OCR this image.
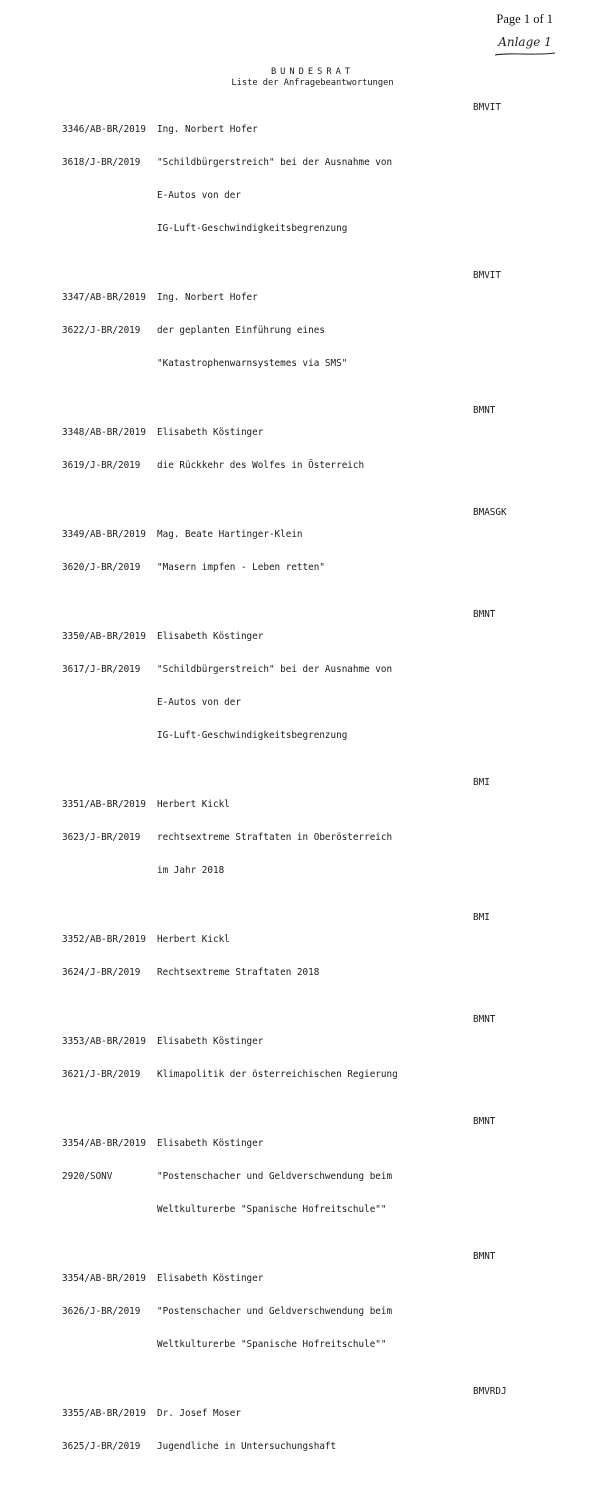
Page 1 of 1
Anlage 1
BUNDESRAT
Liste der Anfragebeantwortungen

3346/AB-BR/2019

3618/J-BR/2019

Ing. Norbert Hofer

"Schildbürgerstreich" bei der Ausnahme von

E-Autos von der

IG-Luft-Geschwindigkeitsbegrenzung

BMVIT

3347/AB-BR/2019

3622/J-BR/2019

Ing. Norbert Hofer

der geplanten Einführung eines

"Katastrophenwarnsystemes via SMS"

BMVIT

3348/AB-BR/2019

3619/J-BR/2019

Elisabeth Köstinger

die Rückkehr des Wolfes in Österreich

BMNT

3349/AB-BR/2019

3620/J-BR/2019

Mag. Beate Hartinger-Klein

"Masern impfen - Leben retten"

BMASGK

3350/AB-BR/2019

3617/J-BR/2019

Elisabeth Köstinger

"Schildbürgerstreich" bei der Ausnahme von

E-Autos von der

IG-Luft-Geschwindigkeitsbegrenzung

BMNT

3351/AB-BR/2019

3623/J-BR/2019

Herbert Kickl

rechtsextreme Straftaten in Oberösterreich

im Jahr 2018

BMI

3352/AB-BR/2019

3624/J-BR/2019

Herbert Kickl

Rechtsextreme Straftaten 2018

BMI

3353/AB-BR/2019

3621/J-BR/2019

Elisabeth Köstinger

Klimapolitik der österreichischen Regierung

BMNT

3354/AB-BR/2019

2920/SONV

Elisabeth Köstinger

"Postenschacher und Geldverschwendung beim

Weltkulturerbe "Spanische Hofreitschule""

BMNT

3354/AB-BR/2019

3626/J-BR/2019

Elisabeth Köstinger

"Postenschacher und Geldverschwendung beim

Weltkulturerbe "Spanische Hofreitschule""

BMNT

3355/AB-BR/2019

3625/J-BR/2019

Dr. Josef Moser

Jugendliche in Untersuchungshaft

BMVRDJ
